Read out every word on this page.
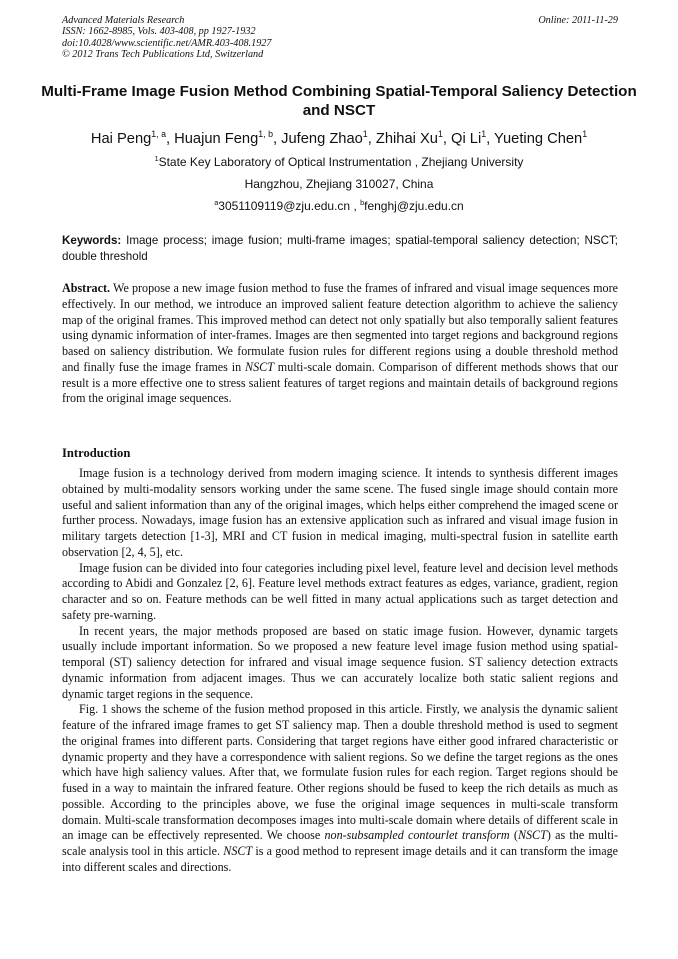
Advanced Materials Research	Online: 2011-11-29
ISSN: 1662-8985, Vols. 403-408, pp 1927-1932
doi:10.4028/www.scientific.net/AMR.403-408.1927
© 2012 Trans Tech Publications Ltd, Switzerland
Multi-Frame Image Fusion Method Combining Spatial-Temporal Saliency Detection and NSCT
Hai Peng$^{1, a}$, Huajun Feng$^{1, b}$, Jufeng Zhao$^1$, Zhihai Xu$^1$, Qi Li$^1$, Yueting Chen$^1$
$^1$State Key Laboratory of Optical Instrumentation , Zhejiang University
Hangzhou, Zhejiang 310027, China
$^a$3051109119@zju.edu.cn , $^b$fenghj@zju.edu.cn
Keywords: Image process; image fusion; multi-frame images; spatial-temporal saliency detection; NSCT; double threshold
Abstract. We propose a new image fusion method to fuse the frames of infrared and visual image sequences more effectively. In our method, we introduce an improved salient feature detection algorithm to achieve the saliency map of the original frames. This improved method can detect not only spatially but also temporally salient features using dynamic information of inter-frames. Images are then segmented into target regions and background regions based on saliency distribution. We formulate fusion rules for different regions using a double threshold method and finally fuse the image frames in NSCT multi-scale domain. Comparison of different methods shows that our result is a more effective one to stress salient features of target regions and maintain details of background regions from the original image sequences.
Introduction

Image fusion is a technology derived from modern imaging science. It intends to synthesis different images obtained by multi-modality sensors working under the same scene. The fused single image should contain more useful and salient information than any of the original images, which helps either comprehend the imaged scene or further process. Nowadays, image fusion has an extensive application such as infrared and visual image fusion in military targets detection [1-3], MRI and CT fusion in medical imaging, multi-spectral fusion in satellite earth observation [2, 4, 5], etc.

Image fusion can be divided into four categories including pixel level, feature level and decision level methods according to Abidi and Gonzalez [2, 6]. Feature level methods extract features as edges, variance, gradient, region character and so on. Feature methods can be well fitted in many actual applications such as target detection and safety pre-warning.

In recent years, the major methods proposed are based on static image fusion. However, dynamic targets usually include important information. So we proposed a new feature level image fusion method using spatial-temporal (ST) saliency detection for infrared and visual image sequence fusion. ST saliency detection extracts dynamic information from adjacent images. Thus we can accurately localize both static salient regions and dynamic target regions in the sequence.

Fig. 1 shows the scheme of the fusion method proposed in this article. Firstly, we analysis the dynamic salient feature of the infrared image frames to get ST saliency map. Then a double threshold method is used to segment the original frames into different parts. Considering that target regions have either good infrared characteristic or dynamic property and they have a correspondence with salient regions. So we define the target regions as the ones which have high saliency values. After that, we formulate fusion rules for each region. Target regions should be fused in a way to maintain the infrared feature. Other regions should be fused to keep the rich details as much as possible. According to the principles above, we fuse the original image sequences in multi-scale transform domain. Multi-scale transformation decomposes images into multi-scale domain where details of different scale in an image can be effectively represented. We choose non-subsampled contourlet transform (NSCT) as the multi-scale analysis tool in this article. NSCT is a good method to represent image details and it can transform the image into different scales and directions.
